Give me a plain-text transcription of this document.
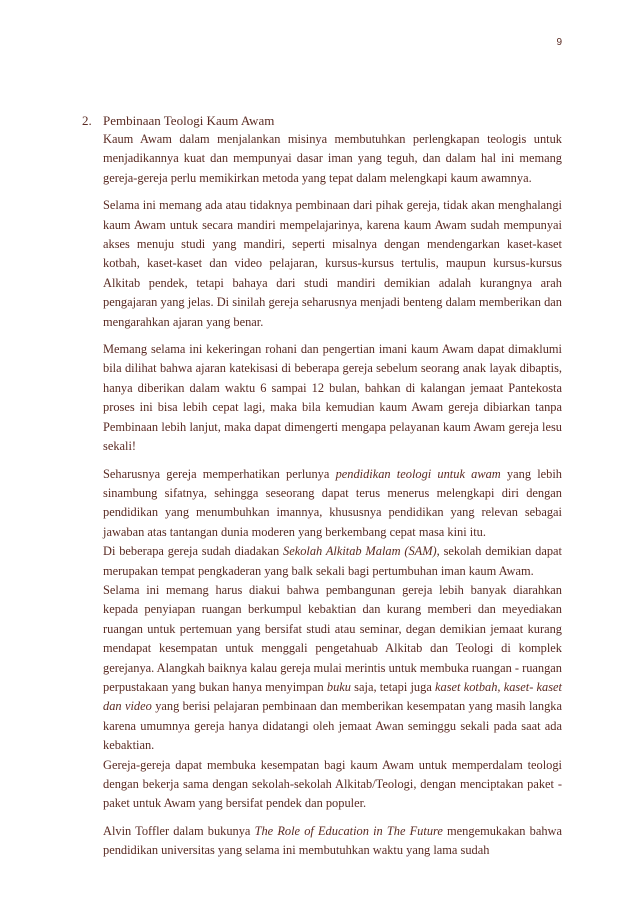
9
2. Pembinaan Teologi Kaum Awam

Kaum Awam dalam menjalankan misinya membutuhkan perlengkapan teologis untuk menjadikannya kuat dan mempunyai dasar iman yang teguh, dan dalam hal ini memang gereja-gereja perlu memikirkan metoda yang tepat dalam melengkapi kaum awamnya.

Selama ini memang ada atau tidaknya pembinaan dari pihak gereja, tidak akan menghalangi kaum Awam untuk secara mandiri mempelajarinya, karena kaum Awam sudah mempunyai akses menuju studi yang mandiri, seperti misalnya dengan mendengarkan kaset-kaset kotbah, kaset-kaset dan video pelajaran, kursus-kursus tertulis, maupun kursus-kursus Alkitab pendek, tetapi bahaya dari studi mandiri demikian adalah kurangnya arah pengajaran yang jelas. Di sinilah gereja seharusnya menjadi benteng dalam memberikan dan mengarahkan ajaran yang benar.

Memang selama ini kekeringan rohani dan pengertian imani kaum Awam dapat dimaklumi bila dilihat bahwa ajaran katekisasi di beberapa gereja sebelum seorang anak layak dibaptis, hanya diberikan dalam waktu 6 sampai 12 bulan, bahkan di kalangan jemaat Pantekosta proses ini bisa lebih cepat lagi, maka bila kemudian kaum Awam gereja dibiarkan tanpa Pembinaan lebih lanjut, maka dapat dimengerti mengapa pelayanan kaum Awam gereja lesu sekali!

Seharusnya gereja memperhatikan perlunya pendidikan teologi untuk awam yang lebih sinambung sifatnya, sehingga seseorang dapat terus menerus melengkapi diri dengan pendidikan yang menumbuhkan imannya, khususnya pendidikan yang relevan sebagai jawaban atas tantangan dunia moderen yang berkembang cepat masa kini itu.

Di beberapa gereja sudah diadakan Sekolah Alkitab Malam (SAM), sekolah demikian dapat merupakan tempat pengkaderan yang balk sekali bagi pertumbuhan iman kaum Awam.

Selama ini memang harus diakui bahwa pembangunan gereja lebih banyak diarahkan kepada penyiapan ruangan berkumpul kebaktian dan kurang memberi dan meyediakan ruangan untuk pertemuan yang bersifat studi atau seminar, degan demikian jemaat kurang mendapat kesempatan untuk menggali pengetahuab Alkitab dan Teologi di komplek gerejanya. Alangkah baiknya kalau gereja mulai merintis untuk membuka ruangan - ruangan perpustakaan yang bukan hanya menyimpan buku saja, tetapi juga kaset kotbah, kaset- kaset dan video yang berisi pelajaran pembinaan dan memberikan kesempatan yang masih langka karena umumnya gereja hanya didatangi oleh jemaat Awan seminggu sekali pada saat ada kebaktian.

Gereja-gereja dapat membuka kesempatan bagi kaum Awam untuk memperdalam teologi dengan bekerja sama dengan sekolah-sekolah Alkitab/Teologi, dengan menciptakan paket - paket untuk Awam yang bersifat pendek dan populer.

Alvin Toffler dalam bukunya The Role of Education in The Future mengemukakan bahwa pendidikan universitas yang selama ini membutuhkan waktu yang lama sudah
